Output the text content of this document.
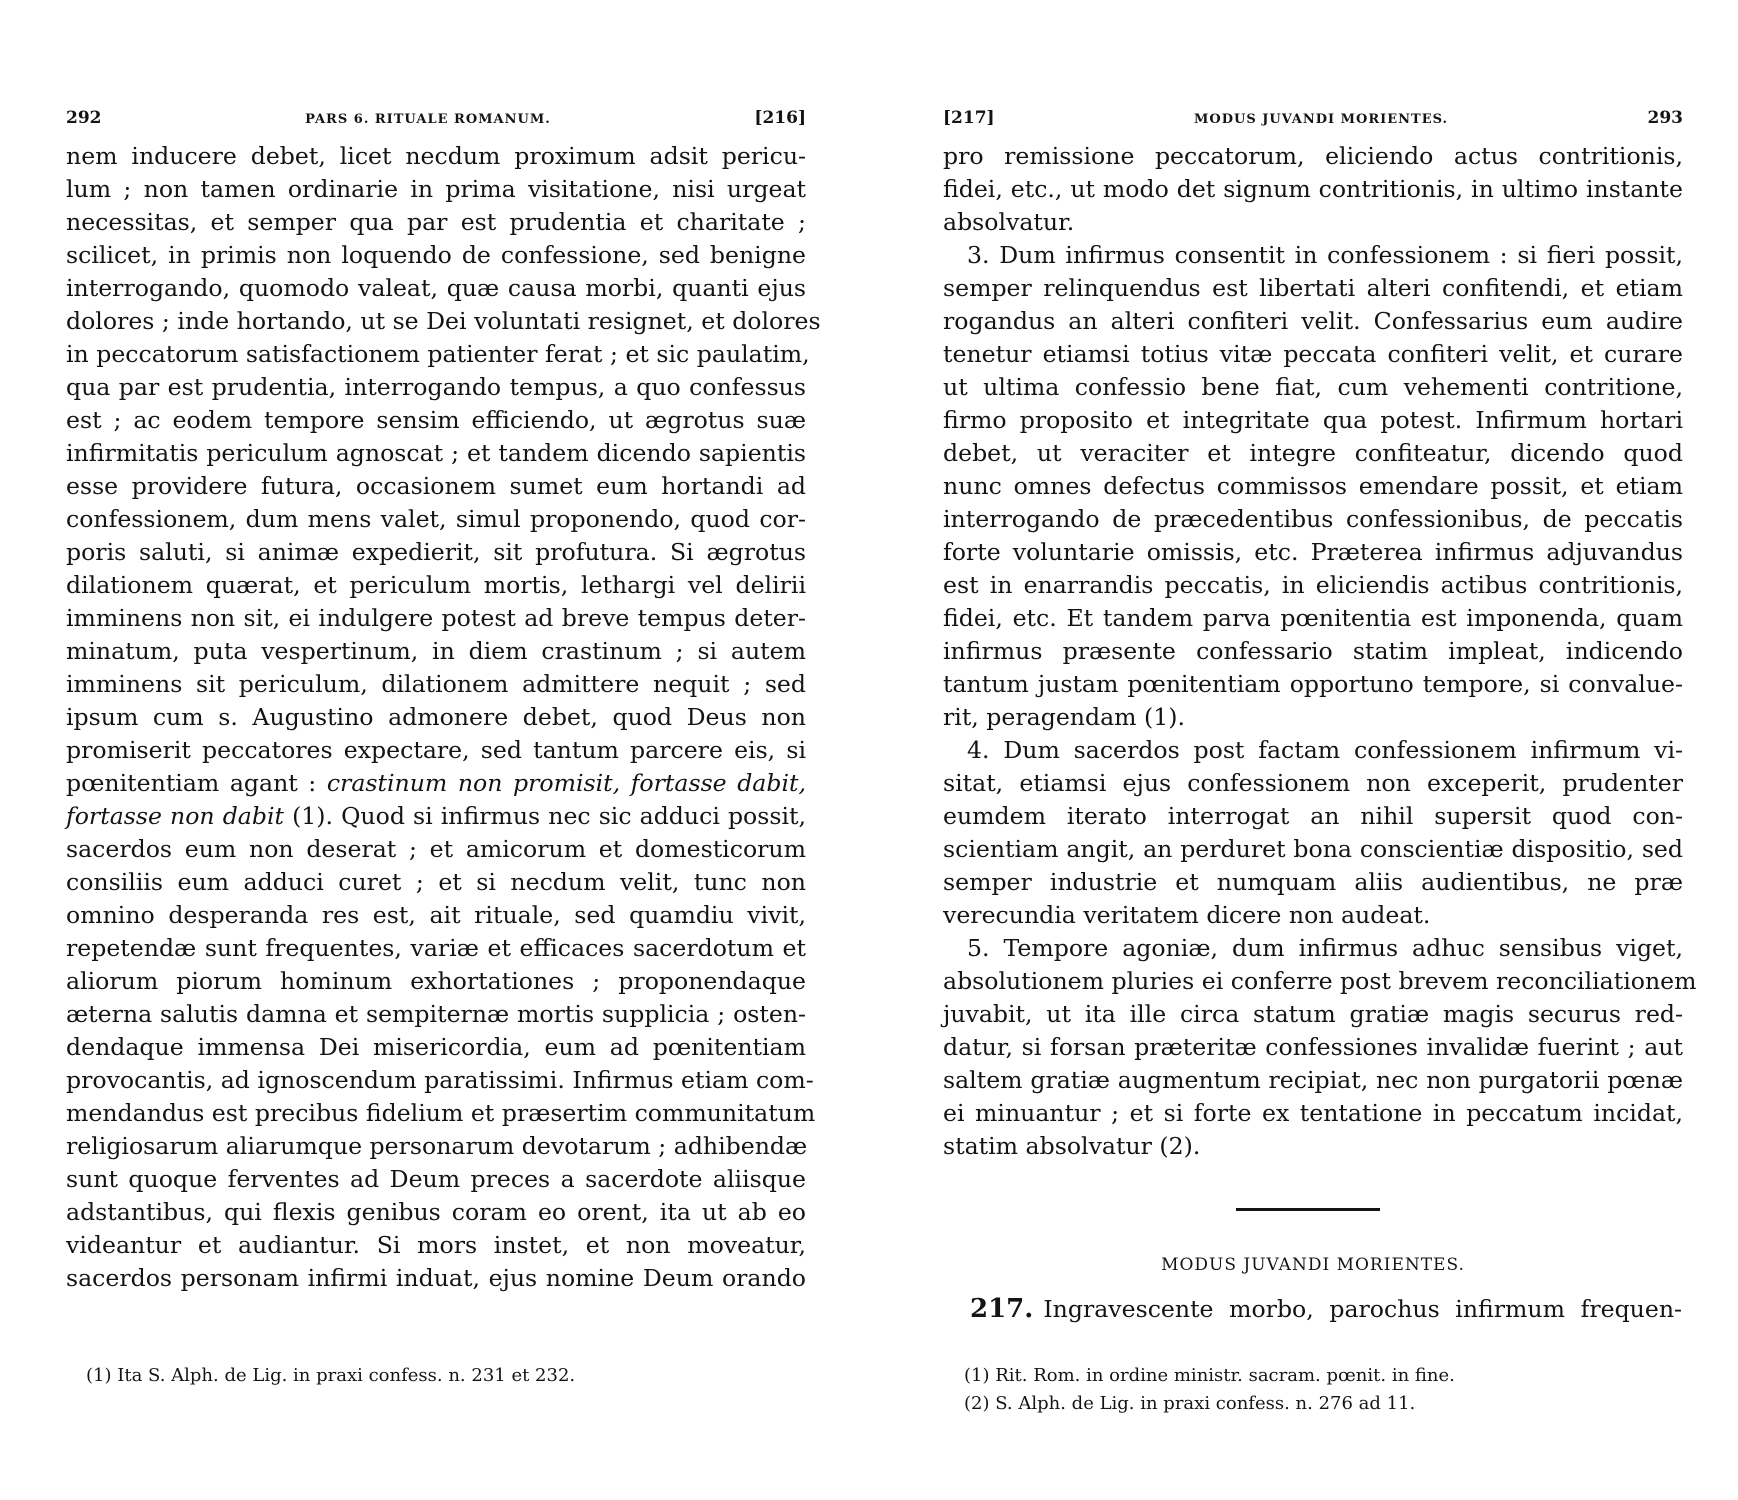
292	PARS 6. RITUALE ROMANUM.	[216]
nem inducere debet, licet necdum proximum adsit pericu-
lum ; non tamen ordinarie in prima visitatione, nisi urgeat
necessitas, et semper qua par est prudentia et charitate ;
scilicet, in primis non loquendo de confessione, sed benigne
interrogando, quomodo valeat, quæ causa morbi, quanti ejus
dolores ; inde hortando, ut se Dei voluntati resignet, et dolores
in peccatorum satisfactionem patienter ferat ; et sic paulatim,
qua par est prudentia, interrogando tempus, a quo confessus
est ; ac eodem tempore sensim efficiendo, ut ægrotus suæ
infirmitatis periculum agnoscat ; et tandem dicendo sapientis
esse providere futura, occasionem sumet eum hortandi ad
confessionem, dum mens valet, simul proponendo, quod cor-
poris saluti, si animæ expedierit, sit profutura. Si ægrotus
dilationem quærat, et periculum mortis, lethargi vel delirii
imminens non sit, ei indulgere potest ad breve tempus deter-
minatum, puta vespertinum, in diem crastinum ; si autem
imminens sit periculum, dilationem admittere nequit ; sed
ipsum cum s. Augustino admonere debet, quod Deus non
promiserit peccatores expectare, sed tantum parcere eis, si
pœnitentiam agant : crastinum non promisit, fortasse dabit,
fortasse non dabit (1). Quod si infirmus nec sic adduci possit,
sacerdos eum non deserat ; et amicorum et domesticorum
consiliis eum adduci curet ; et si necdum velit, tunc non
omnino desperanda res est, ait rituale, sed quamdiu vivit,
repetendæ sunt frequentes, variæ et efficaces sacerdotum et
aliorum piorum hominum exhortationes ; proponendaque
æterna salutis damna et sempiternæ mortis supplicia ; osten-
dendaque immensa Dei misericordia, eum ad pœnitentiam
provocantis, ad ignoscendum paratissimi. Infirmus etiam com-
mendandus est precibus fidelium et præsertim communitatum
religiosarum aliarumque personarum devotarum ; adhibendæ
sunt quoque ferventes ad Deum preces a sacerdote aliisque
adstantibus, qui flexis genibus coram eo orent, ita ut ab eo
videantur et audiantur. Si mors instet, et non moveatur,
sacerdos personam infirmi induat, ejus nomine Deum orando
(1) Ita S. Alph. de Lig. in praxi confess. n. 231 et 232.
[217]	MODUS JUVANDI MORIENTES.	293
pro remissione peccatorum, eliciendo actus contritionis,
fidei, etc., ut modo det signum contritionis, in ultimo instante
absolvatur.
3. Dum infirmus consentit in confessionem : si fieri possit,
semper relinquendus est libertati alteri confitendi, et etiam
rogandus an alteri confiteri velit. Confessarius eum audire
tenetur etiamsi totius vitæ peccata confiteri velit, et curare
ut ultima confessio bene fiat, cum vehementi contritione,
firmo proposito et integritate qua potest. Infirmum hortari
debet, ut veraciter et integre confiteatur, dicendo quod
nunc omnes defectus commissos emendare possit, et etiam
interrogando de præcedentibus confessionibus, de peccatis
forte voluntarie omissis, etc. Præterea infirmus adjuvandus
est in enarrandis peccatis, in eliciendis actibus contritionis,
fidei, etc. Et tandem parva pœnitentia est imponenda, quam
infirmus præsente confessario statim impleat, indicendo
tantum justam pœnitentiam opportuno tempore, si convalue-
rit, peragendam (1).
4. Dum sacerdos post factam confessionem infirmum vi-
sitat, etiamsi ejus confessionem non exceperit, prudenter
eumdem iterato interrogat an nihil supersit quod con-
scientiam angit, an perduret bona conscientiæ dispositio, sed
semper industrie et numquam aliis audientibus, ne præ
verecundia veritatem dicere non audeat.
5. Tempore agoniæ, dum infirmus adhuc sensibus viget,
absolutionem pluries ei conferre post brevem reconciliationem
juvabit, ut ita ille circa statum gratiæ magis securus red-
datur, si forsan præteritæ confessiones invalidæ fuerint ; aut
saltem gratiæ augmentum recipiat, nec non purgatorii pœnæ
ei minuantur ; et si forte ex tentatione in peccatum incidat,
statim absolvatur (2).
MODUS JUVANDI MORIENTES.
217. Ingravescente morbo, parochus infirmum frequen-
(1) Rit. Rom. in ordine ministr. sacram. pœnit. in fine.
(2) S. Alph. de Lig. in praxi confess. n. 276 ad 11.
